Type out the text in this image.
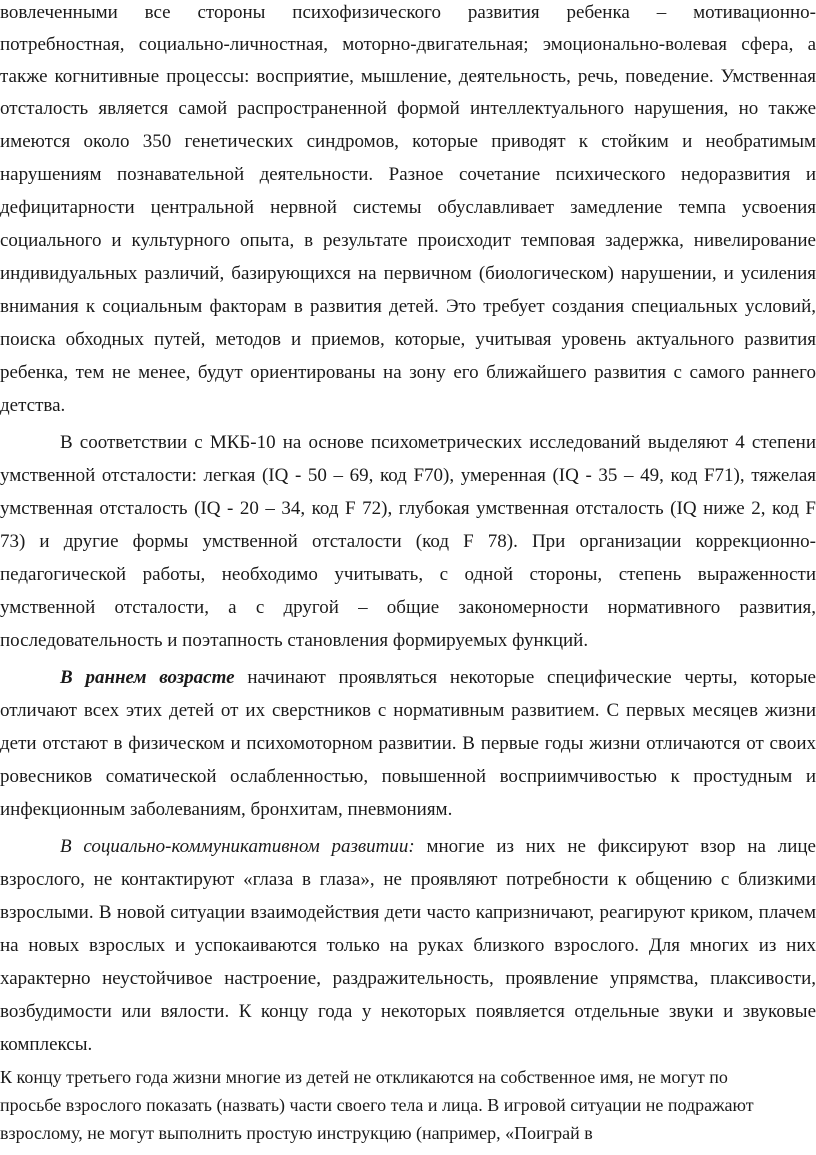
вовлеченными все стороны психофизического развития ребенка – мотивационно-
потребностная, социально-личностная, моторно-двигательная; эмоционально-волевая сфера, а
также когнитивные процессы: восприятие, мышление, деятельность, речь, поведение. Умственная
отсталость является самой распространенной формой интеллектуального нарушения, но также
имеются около 350 генетических синдромов, которые приводят к стойким и необратимым
нарушениям познавательной деятельности. Разное сочетание психического недоразвития и
дефицитарности центральной нервной системы обуславливает замедление темпа усвоения
социального и культурного опыта, в результате происходит темповая задержка, нивелирование
индивидуальных различий, базирующихся на первичном (биологическом) нарушении, и усиления
внимания к социальным факторам в развития детей. Это требует создания специальных условий,
поиска обходных путей, методов и приемов, которые, учитывая уровень актуального развития
ребенка, тем не менее, будут ориентированы на зону его ближайшего развития с самого раннего
детства.
В соответствии с МКБ-10 на основе психометрических исследований выделяют 4 степени
умственной отсталости: легкая (IQ - 50 – 69, код F70), умеренная (IQ - 35 – 49, код F71), тяжелая
умственная отсталость (IQ - 20 – 34, код F 72), глубокая умственная отсталость (IQ ниже 2, код F
73) и другие формы умственной отсталости (код F 78). При организации коррекционно-
педагогической работы, необходимо учитывать, с одной стороны, степень выраженности
умственной отсталости, а с другой – общие закономерности нормативного развития,
последовательность и поэтапность становления формируемых функций.
В раннем возрасте начинают проявляться некоторые специфические черты, которые
отличают всех этих детей от их сверстников с нормативным развитием. С первых месяцев жизни
дети отстают в физическом и психомоторном развитии. В первые годы жизни отличаются от своих
ровесников соматической ослабленностью, повышенной восприимчивостью к простудным и
инфекционным заболеваниям, бронхитам, пневмониям.
В социально-коммуникативном развитии: многие из них не фиксируют взор на лице
взрослого, не контактируют «глаза в глаза», не проявляют потребности к общению с близкими
взрослыми. В новой ситуации взаимодействия дети часто капризничают, реагируют криком, плачем
на новых взрослых и успокаиваются только на руках близкого взрослого. Для многих из них
характерно неустойчивое настроение, раздражительность, проявление упрямства, плаксивости,
возбудимости или вялости. К концу года у некоторых появляется отдельные звуки и звуковые
комплексы.
К концу третьего года жизни многие из детей не откликаются на собственное имя, не могут по
просьбе взрослого показать (назвать) части своего тела и лица. В игровой ситуации не подражают
взрослому, не могут выполнить простую инструкцию (например, «Поиграй в
